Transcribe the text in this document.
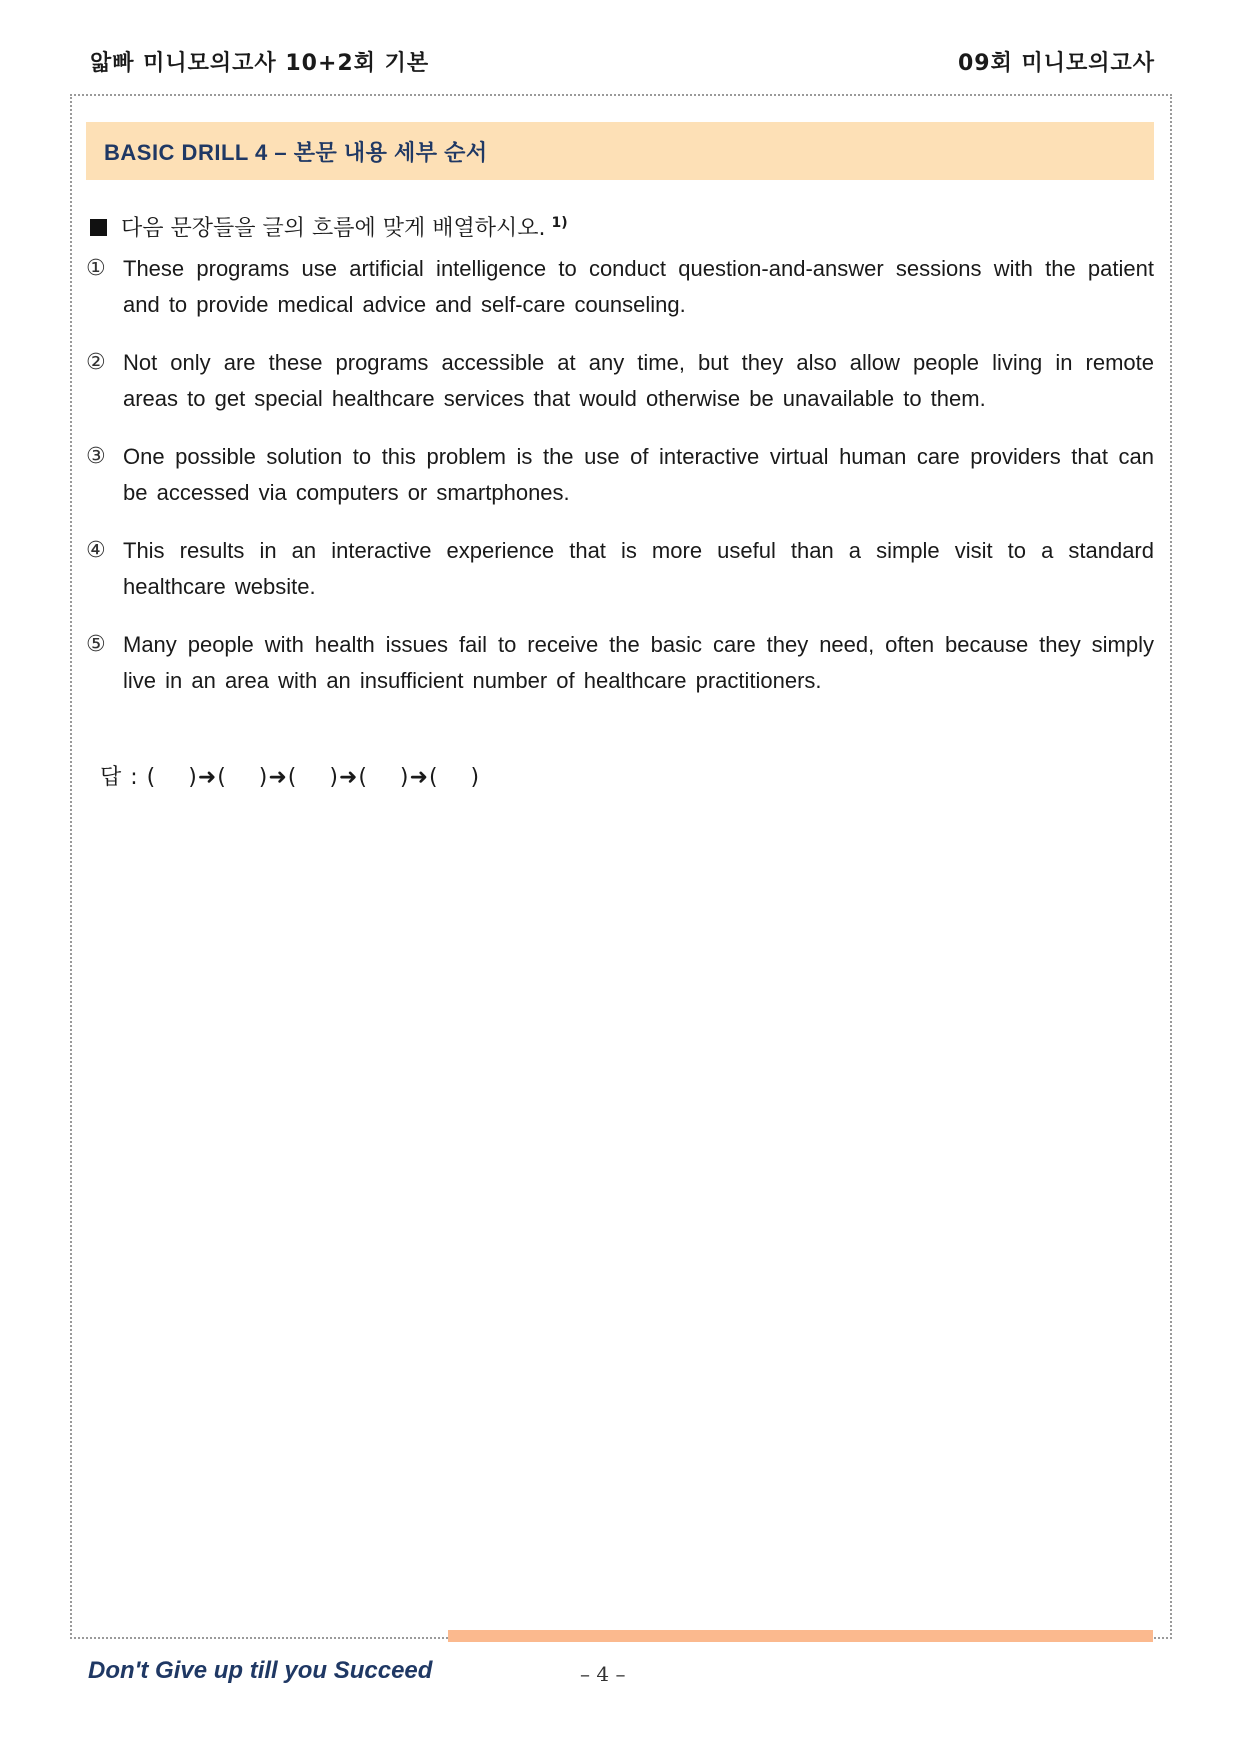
앏빠 미니모의고사 10+2회 기본	09회 미니모의고사
BASIC DRILL 4 – 본문 내용 세부 순서
다음 문장들을 글의 흐름에 맞게 배열하시오. $^{1)}$
① These programs use artificial intelligence to conduct question-and-answer sessions with the patient and to provide medical advice and self-care counseling.
② Not only are these programs accessible at any time, but they also allow people living in remote areas to get special healthcare services that would otherwise be unavailable to them.
③ One possible solution to this problem is the use of interactive virtual human care providers that can be accessed via computers or smartphones.
④ This results in an interactive experience that is more useful than a simple visit to a standard healthcare website.
⑤ Many people with health issues fail to receive the basic care they need, often because they simply live in an area with an insufficient number of healthcare practitioners.
답 : (    )➜(    )➜(    )➜(    )➜(    )
Don't Give up till you Succeed	– 4 –
